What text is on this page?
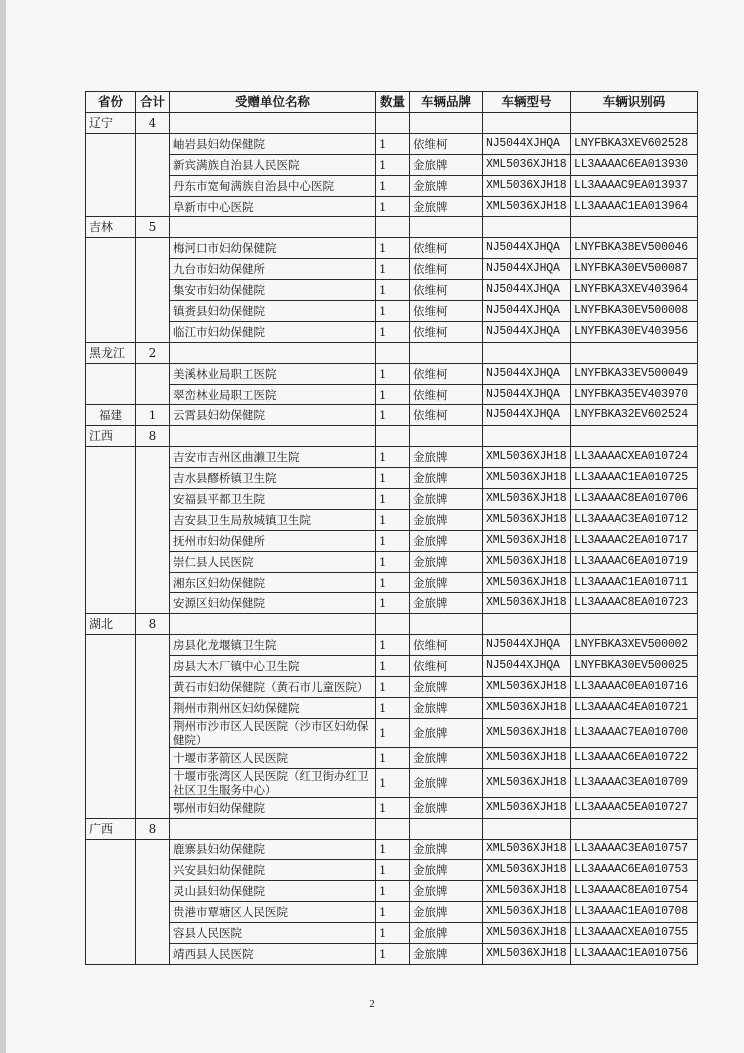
省份	合计	受赠单位名称	数量	车辆品牌	车辆型号	车辆识别码
辽宁	4					
		岫岩县妇幼保健院	1	依维柯	NJ5044XJHQA	LNYFBKA3XEV602528
		新宾满族自治县人民医院	1	金旅牌	XML5036XJH18	LL3AAAAC6EA013930
		丹东市宽甸满族自治县中心医院	1	金旅牌	XML5036XJH18	LL3AAAAC9EA013937
		阜新市中心医院	1	金旅牌	XML5036XJH18	LL3AAAAC1EA013964
吉林	5					
		梅河口市妇幼保健院	1	依维柯	NJ5044XJHQA	LNYFBKA38EV500046
		九台市妇幼保健所	1	依维柯	NJ5044XJHQA	LNYFBKA30EV500087
		集安市妇幼保健院	1	依维柯	NJ5044XJHQA	LNYFBKA3XEV403964
		镇赉县妇幼保健院	1	依维柯	NJ5044XJHQA	LNYFBKA30EV500008
		临江市妇幼保健院	1	依维柯	NJ5044XJHQA	LNYFBKA30EV403956
黑龙江	2					
		美溪林业局职工医院	1	依维柯	NJ5044XJHQA	LNYFBKA33EV500049
		翠峦林业局职工医院	1	依维柯	NJ5044XJHQA	LNYFBKA35EV403970
福建	1	云霄县妇幼保健院	1	依维柯	NJ5044XJHQA	LNYFBKA32EV602524
江西	8					
		吉安市吉州区曲濑卫生院	1	金旅牌	XML5036XJH18	LL3AAAACXEA010724
		吉水县醪桥镇卫生院	1	金旅牌	XML5036XJH18	LL3AAAAC1EA010725
		安福县平都卫生院	1	金旅牌	XML5036XJH18	LL3AAAAC8EA010706
		吉安县卫生局敖城镇卫生院	1	金旅牌	XML5036XJH18	LL3AAAAC3EA010712
		抚州市妇幼保健所	1	金旅牌	XML5036XJH18	LL3AAAAC2EA010717
		崇仁县人民医院	1	金旅牌	XML5036XJH18	LL3AAAAC6EA010719
		湘东区妇幼保健院	1	金旅牌	XML5036XJH18	LL3AAAAC1EA010711
		安源区妇幼保健院	1	金旅牌	XML5036XJH18	LL3AAAAC8EA010723
湖北	8					
		房县化龙堰镇卫生院	1	依维柯	NJ5044XJHQA	LNYFBKA3XEV500002
		房县大木厂镇中心卫生院	1	依维柯	NJ5044XJHQA	LNYFBKA30EV500025
		黄石市妇幼保健院（黄石市儿童医院）	1	金旅牌	XML5036XJH18	LL3AAAAC0EA010716
		荆州市荆州区妇幼保健院	1	金旅牌	XML5036XJH18	LL3AAAAC4EA010721
		荆州市沙市区人民医院（沙市区妇幼保健院）	1	金旅牌	XML5036XJH18	LL3AAAAC7EA010700
		十堰市茅箭区人民医院	1	金旅牌	XML5036XJH18	LL3AAAAC6EA010722
		十堰市张湾区人民医院（红卫街办红卫社区卫生服务中心）	1	金旅牌	XML5036XJH18	LL3AAAAC3EA010709
		鄂州市妇幼保健院	1	金旅牌	XML5036XJH18	LL3AAAAC5EA010727
广西	8					
		鹿寨县妇幼保健院	1	金旅牌	XML5036XJH18	LL3AAAAC3EA010757
		兴安县妇幼保健院	1	金旅牌	XML5036XJH18	LL3AAAAC6EA010753
		灵山县妇幼保健院	1	金旅牌	XML5036XJH18	LL3AAAAC8EA010754
		贵港市覃塘区人民医院	1	金旅牌	XML5036XJH18	LL3AAAAC1EA010708
		容县人民医院	1	金旅牌	XML5036XJH18	LL3AAAACXEA010755
		靖西县人民医院	1	金旅牌	XML5036XJH18	LL3AAAAC1EA010756
2
